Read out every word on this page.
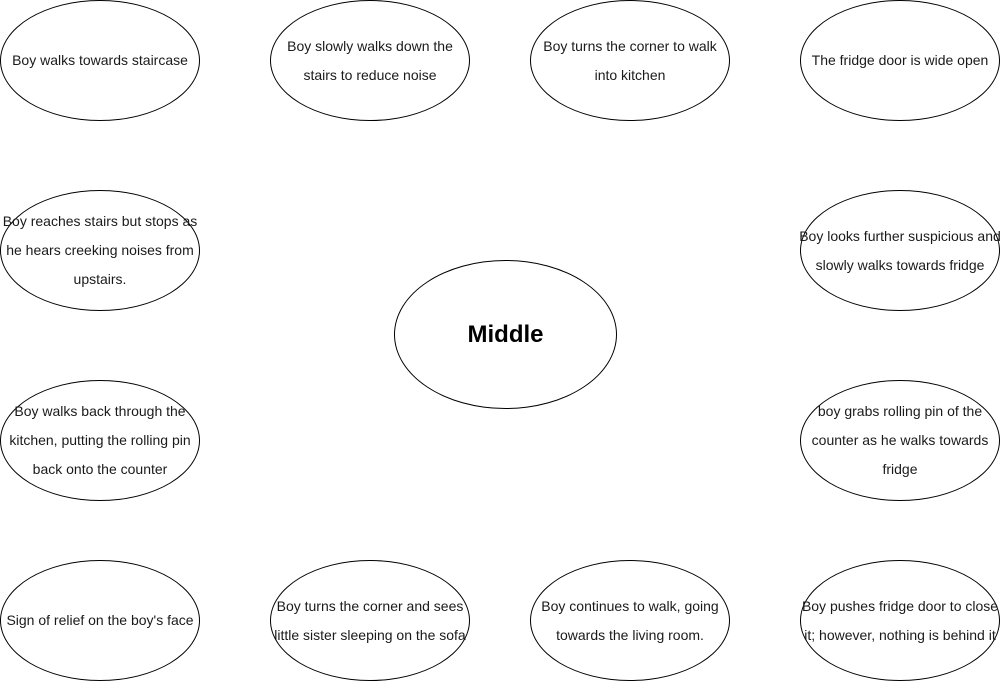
Boy walks towards staircase
Boy slowly walks down the stairs to reduce noise
Boy turns the corner to walk into kitchen
The fridge door is wide open
Boy reaches stairs but stops as he hears creeking noises from upstairs.
Boy looks further suspicious and slowly walks towards fridge
Middle
Boy walks back through the kitchen, putting the rolling pin back onto the counter
boy grabs rolling pin of the counter as he walks towards fridge
Sign of relief on the boy's face
Boy turns the corner and sees little sister sleeping on the sofa
Boy continues to walk, going towards the living room.
Boy pushes fridge door to close it; however, nothing is behind it
